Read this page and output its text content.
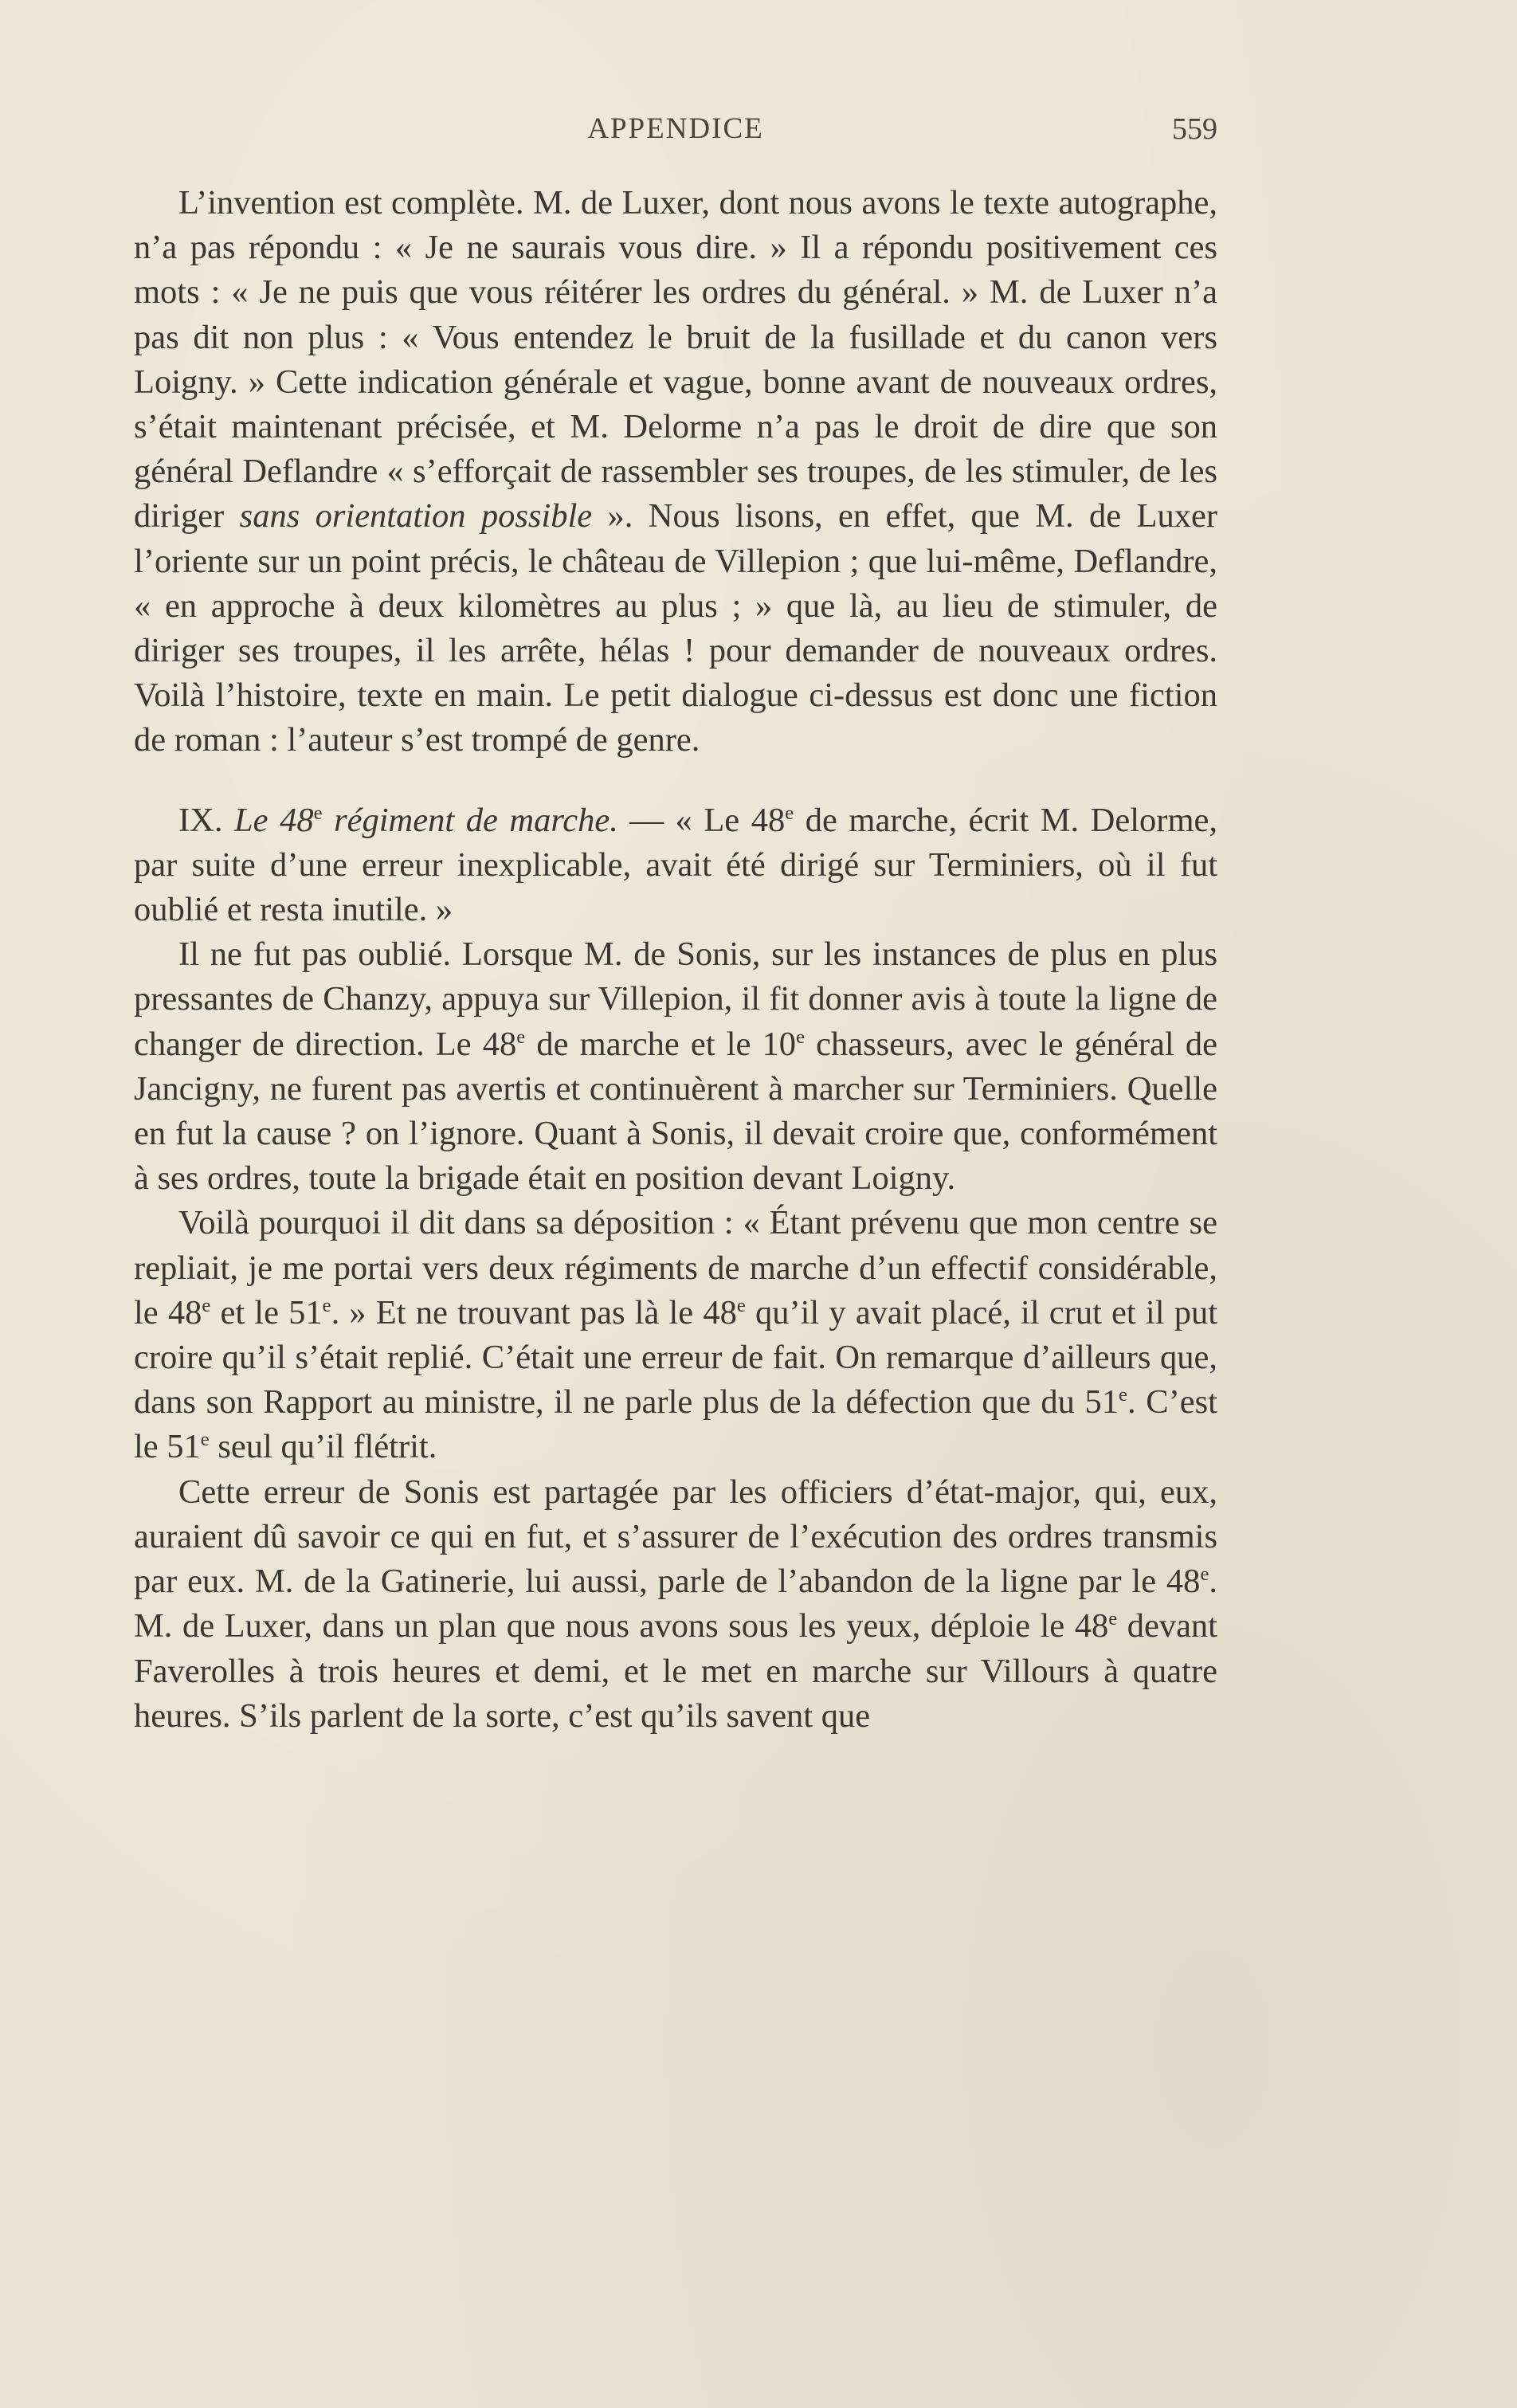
APPENDICE	559

L’invention est complète. M. de Luxer, dont nous avons le texte autographe, n’a pas répondu : « Je ne saurais vous dire. » Il a répondu positivement ces mots : « Je ne puis que vous réitérer les ordres du général. » M. de Luxer n’a pas dit non plus : « Vous entendez le bruit de la fusillade et du canon vers Loigny. » Cette indication générale et vague, bonne avant de nouveaux ordres, s’était maintenant précisée, et M. Delorme n’a pas le droit de dire que son général Deflandre « s’efforçait de rassembler ses troupes, de les stimuler, de les diriger sans orientation possible ». Nous lisons, en effet, que M. de Luxer l’oriente sur un point précis, le château de Villepion ; que lui-même, Deflandre, « en approche à deux kilomètres au plus ; » que là, au lieu de stimuler, de diriger ses troupes, il les arrête, hélas ! pour demander de nouveaux ordres. Voilà l’histoire, texte en main. Le petit dialogue ci-dessus est donc une fiction de roman : l’auteur s’est trompé de genre.

IX. Le 48e régiment de marche. — « Le 48e de marche, écrit M. Delorme, par suite d’une erreur inexplicable, avait été dirigé sur Terminiers, où il fut oublié et resta inutile. »

Il ne fut pas oublié. Lorsque M. de Sonis, sur les instances de plus en plus pressantes de Chanzy, appuya sur Villepion, il fit donner avis à toute la ligne de changer de direction. Le 48e de marche et le 10e chasseurs, avec le général de Jancigny, ne furent pas avertis et continuèrent à marcher sur Terminiers. Quelle en fut la cause ? on l’ignore. Quant à Sonis, il devait croire que, conformément à ses ordres, toute la brigade était en position devant Loigny.

Voilà pourquoi il dit dans sa déposition : « Étant prévenu que mon centre se repliait, je me portai vers deux régiments de marche d’un effectif considérable, le 48e et le 51e. » Et ne trouvant pas là le 48e qu’il y avait placé, il crut et il put croire qu’il s’était replié. C’était une erreur de fait. On remarque d’ailleurs que, dans son Rapport au ministre, il ne parle plus de la défection que du 51e. C’est le 51e seul qu’il flétrit.

Cette erreur de Sonis est partagée par les officiers d’état-major, qui, eux, auraient dû savoir ce qui en fut, et s’assurer de l’exécution des ordres transmis par eux. M. de la Gatinerie, lui aussi, parle de l’abandon de la ligne par le 48e. M. de Luxer, dans un plan que nous avons sous les yeux, déploie le 48e devant Faverolles à trois heures et demi, et le met en marche sur Villours à quatre heures. S’ils parlent de la sorte, c’est qu’ils savent que
